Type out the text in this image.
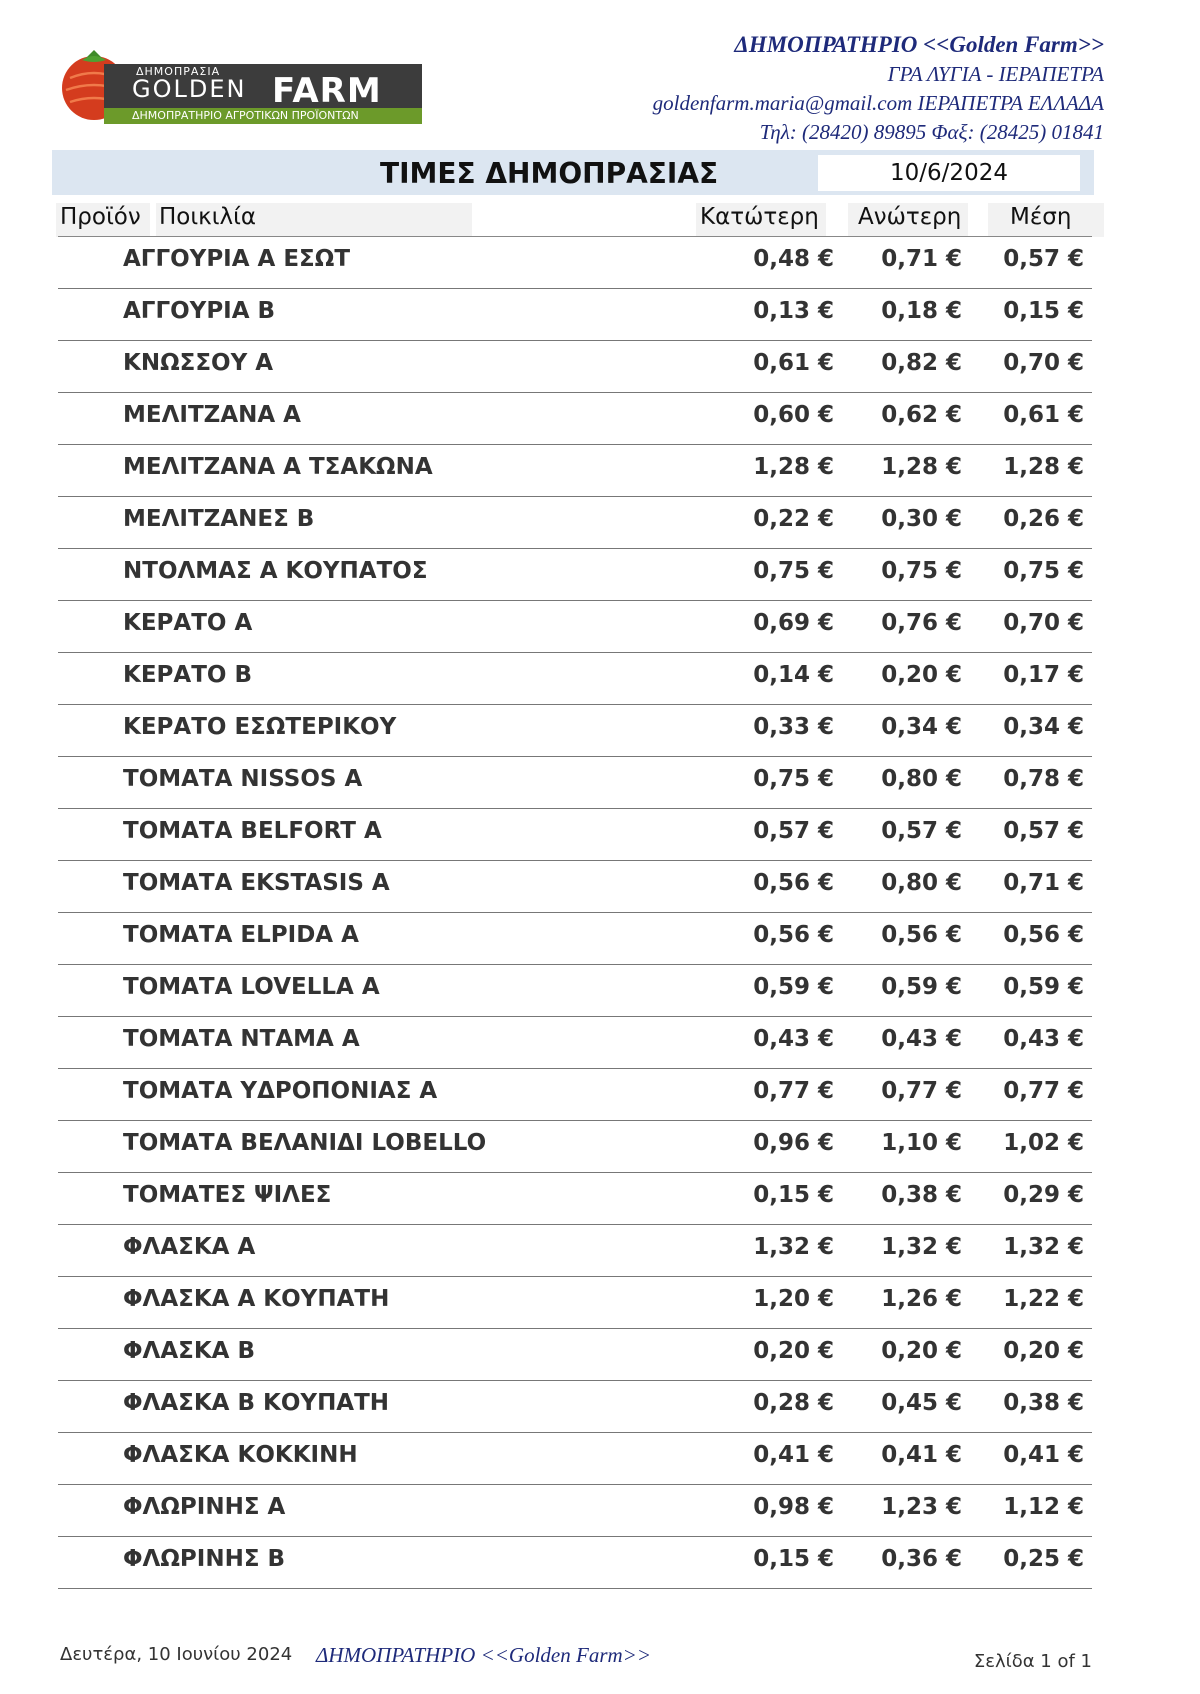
ΔΗΜΟΠΡΑΣΙΑ
GOLDEN FARM
ΔΗΜΟΠΡΑΤΗΡΙΟ ΑΓΡΟΤΙΚΩΝ ΠΡΟΪΟΝΤΩΝ
ΔΗΜΟΠΡΑΤΗΡΙΟ <<Golden Farm>>
ΓΡΑ ΛΥΓΙΑ - ΙΕΡΑΠΕΤΡΑ
goldenfarm.maria@gmail.com ΙΕΡΑΠΕΤΡΑ ΕΛΛΑΔΑ
Τηλ: (28420) 89895 Φαξ: (28425) 01841
ΤΙΜΕΣ ΔΗΜΟΠΡΑΣΙΑΣ	10/6/2024
Προϊόν Ποικιλία	Κατώτερη Ανώτερη Μέση
ΑΓΓΟΥΡΙΑ Α ΕΣΩΤ	0,48 € 0,71 € 0,57 €
ΑΓΓΟΥΡΙΑ Β	0,13 € 0,18 € 0,15 €
ΚΝΩΣΣΟΥ Α	0,61 € 0,82 € 0,70 €
ΜΕΛΙΤΖΑΝΑ Α	0,60 € 0,62 € 0,61 €
ΜΕΛΙΤΖΑΝΑ Α ΤΣΑΚΩΝΑ	1,28 € 1,28 € 1,28 €
ΜΕΛΙΤΖΑΝΕΣ Β	0,22 € 0,30 € 0,26 €
ΝΤΟΛΜΑΣ Α ΚΟΥΠΑΤΟΣ	0,75 € 0,75 € 0,75 €
ΚΕΡΑΤΟ Α	0,69 € 0,76 € 0,70 €
ΚΕΡΑΤΟ Β	0,14 € 0,20 € 0,17 €
ΚΕΡΑΤΟ ΕΣΩΤΕΡΙΚΟΥ	0,33 € 0,34 € 0,34 €
ΤΟΜΑΤΑ NISSOS Α	0,75 € 0,80 € 0,78 €
ΤΟΜΑΤΑ BELFORT Α	0,57 € 0,57 € 0,57 €
ΤΟΜΑΤΑ EKSTASIS Α	0,56 € 0,80 € 0,71 €
ΤΟΜΑΤΑ ELPIDA Α	0,56 € 0,56 € 0,56 €
ΤΟΜΑΤΑ LOVELLA Α	0,59 € 0,59 € 0,59 €
ΤΟΜΑΤΑ ΝΤΑΜΑ Α	0,43 € 0,43 € 0,43 €
ΤΟΜΑΤΑ ΥΔΡΟΠΟΝΙΑΣ Α	0,77 € 0,77 € 0,77 €
ΤΟΜΑΤΑ ΒΕΛΑΝΙΔΙ LOBELLO	0,96 € 1,10 € 1,02 €
ΤΟΜΑΤΕΣ ΨΙΛΕΣ	0,15 € 0,38 € 0,29 €
ΦΛΑΣΚΑ Α	1,32 € 1,32 € 1,32 €
ΦΛΑΣΚΑ Α ΚΟΥΠΑΤΗ	1,20 € 1,26 € 1,22 €
ΦΛΑΣΚΑ Β	0,20 € 0,20 € 0,20 €
ΦΛΑΣΚΑ Β ΚΟΥΠΑΤΗ	0,28 € 0,45 € 0,38 €
ΦΛΑΣΚΑ ΚΟΚΚΙΝΗ	0,41 € 0,41 € 0,41 €
ΦΛΩΡΙΝΗΣ Α	0,98 € 1,23 € 1,12 €
ΦΛΩΡΙΝΗΣ Β	0,15 € 0,36 € 0,25 €
Δευτέρα, 10 Ιουνίου 2024 ΔΗΜΟΠΡΑΤΗΡΙΟ <<Golden Farm>>	Σελίδα 1 of 1
